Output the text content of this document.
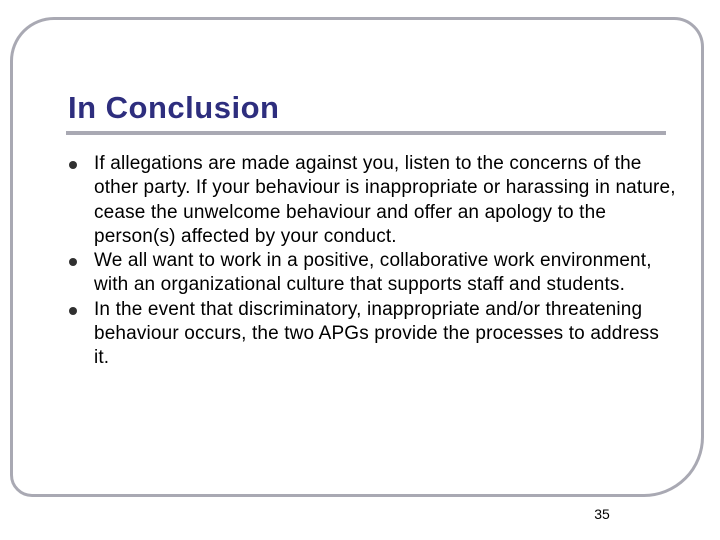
In Conclusion
If allegations are made against you, listen to the concerns of the other party. If your behaviour is inappropriate or harassing in nature, cease the unwelcome behaviour and offer an apology to the person(s) affected by your conduct.
We all want to work in a positive, collaborative work environment, with an organizational culture that supports staff and students.
In the event that discriminatory, inappropriate and/or threatening behaviour occurs, the two APGs provide the processes to address it.
35
